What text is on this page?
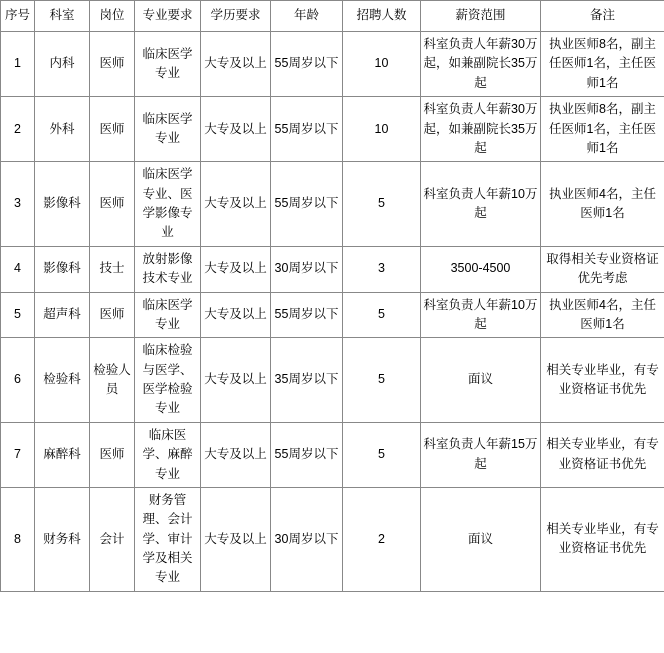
序号	科室	岗位	专业要求	学历要求	年龄	招聘人数	薪资范围	备注
1	内科	医师	临床医学专业	大专及以上	55周岁以下	10	科室负责人年薪30万起，如兼副院长35万起	执业医师8名，副主任医师1名，主任医师1名
2	外科	医师	临床医学专业	大专及以上	55周岁以下	10	科室负责人年薪30万起，如兼副院长35万起	执业医师8名，副主任医师1名，主任医师1名
3	影像科	医师	临床医学专业、医学影像专业	大专及以上	55周岁以下	5	科室负责人年薪10万起	执业医师4名，主任医师1名
4	影像科	技士	放射影像技术专业	大专及以上	30周岁以下	3	3500-4500	取得相关专业资格证优先考虑
5	超声科	医师	临床医学专业	大专及以上	55周岁以下	5	科室负责人年薪10万起	执业医师4名，主任医师1名
6	检验科	检验人员	临床检验与医学、医学检验专业	大专及以上	35周岁以下	5	面议	相关专业毕业，有专业资格证书优先
7	麻醉科	医师	临床医学、麻醉专业	大专及以上	55周岁以下	5	科室负责人年薪15万起	相关专业毕业，有专业资格证书优先
8	财务科	会计	财务管理、会计学、审计学及相关专业	大专及以上	30周岁以下	2	面议	相关专业毕业，有专业资格证书优先
